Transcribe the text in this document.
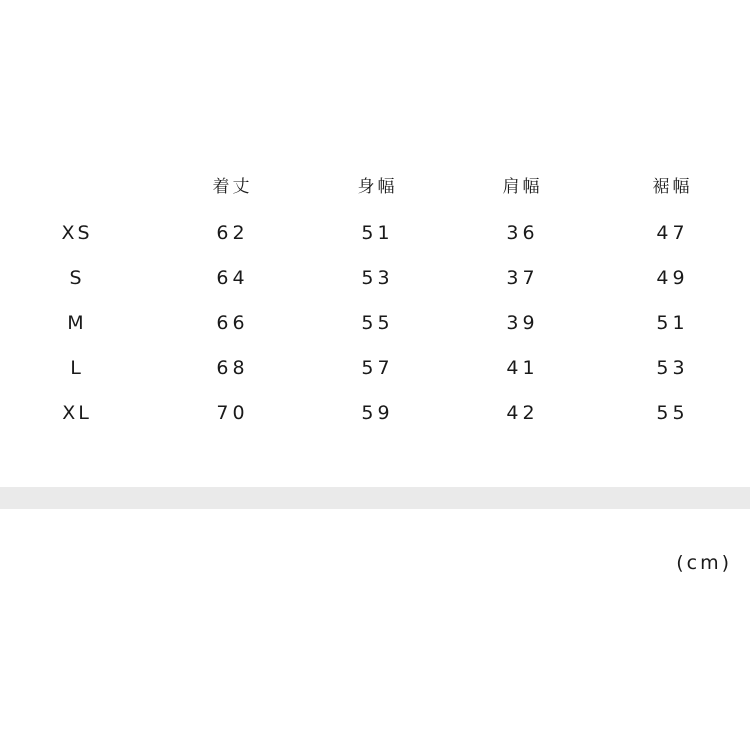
	着丈	身幅	肩幅	裾幅
XS	62	51	36	47
S	64	53	37	49
M	66	55	39	51
L	68	57	41	53
XL	70	59	42	55
(cm)
